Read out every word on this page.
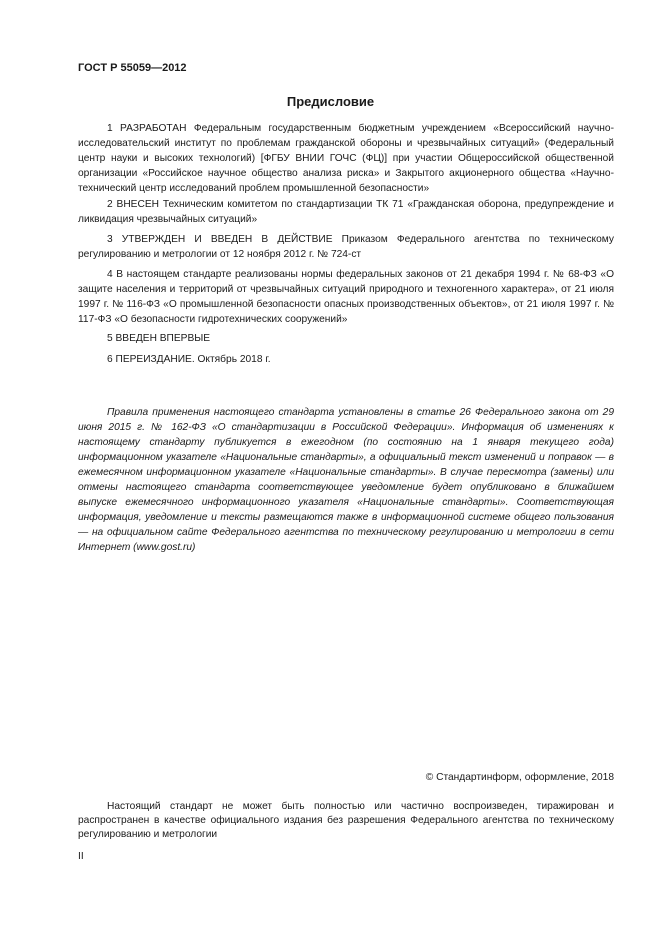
ГОСТ Р 55059—2012
Предисловие
1 РАЗРАБОТАН Федеральным государственным бюджетным учреждением «Всероссийский научно-исследовательский институт по проблемам гражданской обороны и чрезвычайных ситуаций» (Федеральный центр науки и высоких технологий) [ФГБУ ВНИИ ГОЧС (ФЦ)] при участии Общероссийской общественной организации «Российское научное общество анализа риска» и Закрытого акционерного общества «Научно-технический центр исследований проблем промышленной безопасности»
2 ВНЕСЕН Техническим комитетом по стандартизации ТК 71 «Гражданская оборона, предупреждение и ликвидация чрезвычайных ситуаций»
3 УТВЕРЖДЕН И ВВЕДЕН В ДЕЙСТВИЕ Приказом Федерального агентства по техническому регулированию и метрологии от 12 ноября 2012 г. № 724-ст
4 В настоящем стандарте реализованы нормы федеральных законов от 21 декабря 1994 г. № 68-ФЗ «О защите населения и территорий от чрезвычайных ситуаций природного и техногенного характера», от 21 июля 1997 г. № 116-ФЗ «О промышленной безопасности опасных производственных объектов», от 21 июля 1997 г. № 117-ФЗ «О безопасности гидротехнических сооружений»
5 ВВЕДЕН ВПЕРВЫЕ
6 ПЕРЕИЗДАНИЕ. Октябрь 2018 г.
Правила применения настоящего стандарта установлены в статье 26 Федерального закона от 29 июня 2015 г. № 162-ФЗ «О стандартизации в Российской Федерации». Информация об изменениях к настоящему стандарту публикуется в ежегодном (по состоянию на 1 января текущего года) информационном указателе «Национальные стандарты», а официальный текст изменений и поправок — в ежемесячном информационном указателе «Национальные стандарты». В случае пересмотра (замены) или отмены настоящего стандарта соответствующее уведомление будет опубликовано в ближайшем выпуске ежемесячного информационного указателя «Национальные стандарты». Соответствующая информация, уведомление и тексты размещаются также в информационной системе общего пользования — на официальном сайте Федерального агентства по техническому регулированию и метрологии в сети Интернет (www.gost.ru)
© Стандартинформ, оформление, 2018
Настоящий стандарт не может быть полностью или частично воспроизведен, тиражирован и распространен в качестве официального издания без разрешения Федерального агентства по техническому регулированию и метрологии
II
